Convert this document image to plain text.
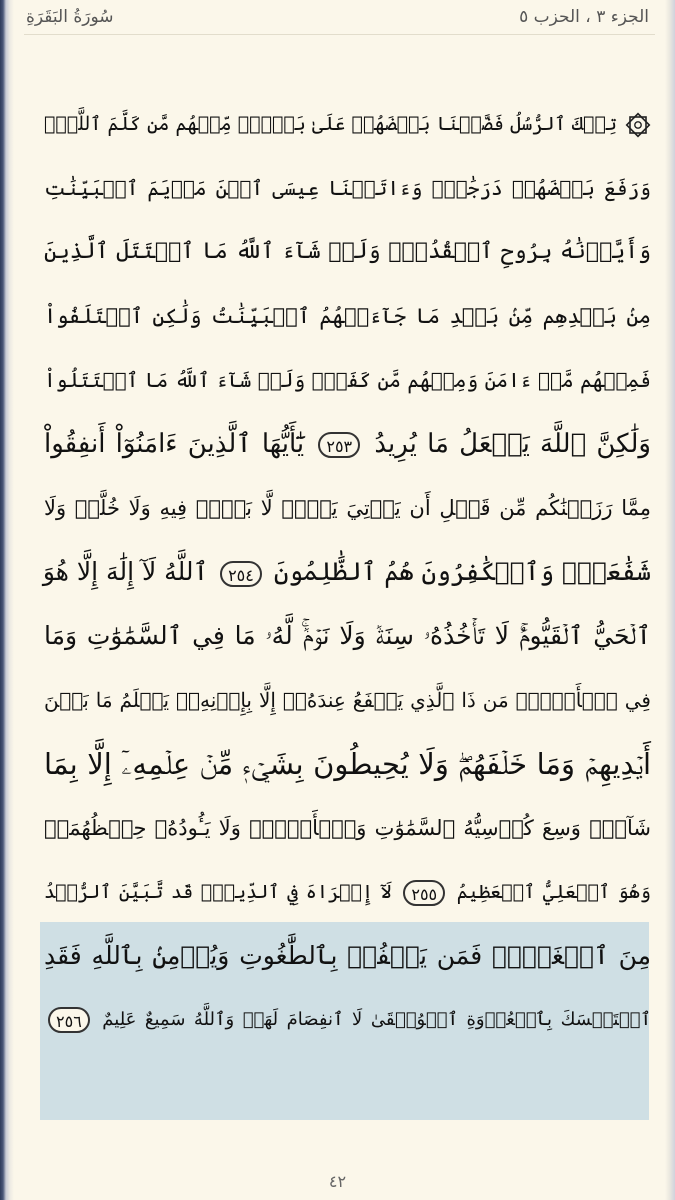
سُورَةُ البَقَرَةِ	الجزء ٣ ، الحزب ٥
تِلۡكَ ٱلرُّسُلُ فَضَّلۡنَا بَعۡضَهُمۡ عَلَىٰ بَعۡضٖۘ مِّنۡهُم مَّن كَلَّمَ ٱللَّهُۖ
وَرَفَعَ بَعۡضَهُمۡ دَرَجَٰتٖۚ وَءَاتَيۡنَا عِيسَى ٱبۡنَ مَرۡيَمَ ٱلۡبَيِّنَٰتِ
وَأَيَّدۡنَٰهُ بِرُوحِ ٱلۡقُدُسِۗ وَلَوۡ شَآءَ ٱللَّهُ مَا ٱقۡتَتَلَ ٱلَّذِينَ
مِنۢ بَعۡدِهِم مِّنۢ بَعۡدِ مَا جَآءَتۡهُمُ ٱلۡبَيِّنَٰتُ وَلَٰكِنِ ٱخۡتَلَفُواْ
فَمِنۡهُم مَّنۡ ءَامَنَ وَمِنۡهُم مَّن كَفَرَۚ وَلَوۡ شَآءَ ٱللَّهُ مَا ٱقۡتَتَلُواْ
وَلَٰكِنَّ ٱللَّهَ يَفۡعَلُ مَا يُرِيدُ ٢٥٣ يَٰٓأَيُّهَا ٱلَّذِينَ ءَامَنُوٓاْ أَنفِقُواْ
مِمَّا رَزَقۡنَٰكُم مِّن قَبۡلِ أَن يَأۡتِيَ يَوۡمٞ لَّا بَيۡعٞ فِيهِ وَلَا خُلَّةٞ وَلَا
شَفَٰعَةٞۗ وَٱلۡكَٰفِرُونَ هُمُ ٱلظَّٰلِمُونَ ٢٥٤ ٱللَّهُ لَآ إِلَٰهَ إِلَّا هُوَ
ٱلۡحَيُّ ٱلۡقَيُّومُۚ لَا تَأۡخُذُهُۥ سِنَةٞ وَلَا نَوۡمٞۚ لَّهُۥ مَا فِي ٱلسَّمَٰوَٰتِ وَمَا
فِي ٱلۡأَرۡضِۗ مَن ذَا ٱلَّذِي يَشۡفَعُ عِندَهُۥٓ إِلَّا بِإِذۡنِهِۦۚ يَعۡلَمُ مَا بَيۡنَ
أَيۡدِيهِمۡ وَمَا خَلۡفَهُمۡۖ وَلَا يُحِيطُونَ بِشَيۡءٖ مِّنۡ عِلۡمِهِۦٓ إِلَّا بِمَا
شَآءَۚ وَسِعَ كُرۡسِيُّهُ ٱلسَّمَٰوَٰتِ وَٱلۡأَرۡضَۖ وَلَا يَـُٔودُهُۥ حِفۡظُهُمَاۚ
وَهُوَ ٱلۡعَلِيُّ ٱلۡعَظِيمُ ٢٥٥ لَآ إِكۡرَاهَ فِي ٱلدِّينِۖ قَد تَّبَيَّنَ ٱلرُّشۡدُ
مِنَ ٱلۡغَيِّۚ فَمَن يَكۡفُرۡ بِٱلطَّٰغُوتِ وَيُؤۡمِنۢ بِٱللَّهِ فَقَدِ
ٱسۡتَمۡسَكَ بِٱلۡعُرۡوَةِ ٱلۡوُثۡقَىٰ لَا ٱنفِصَامَ لَهَاۗ وَٱللَّهُ سَمِيعٌ عَلِيمٌ ٢٥٦
٤٢
